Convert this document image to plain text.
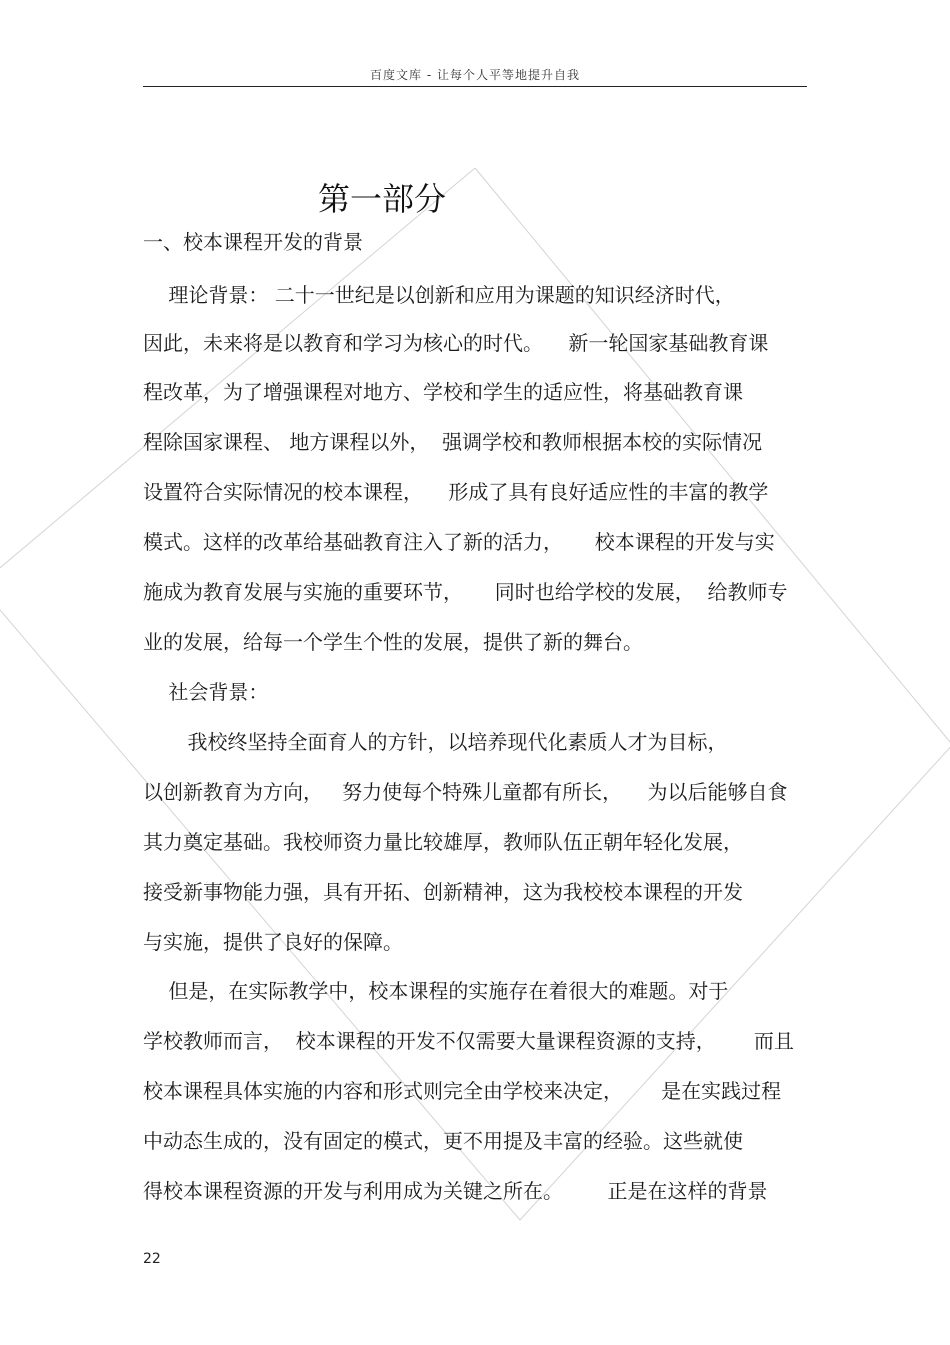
百度文库 - 让每个人平等地提升自我
第一部分
一、校本课程开发的背景
理论背景： 二十一世纪是以创新和应用为课题的知识经济时代，
因此，未来将是以教育和学习为核心的时代。    新一轮国家基础教育课
程改革，为了增强课程对地方、学校和学生的适应性，将基础教育课
程除国家课程、 地方课程以外，  强调学校和教师根据本校的实际情况
设置符合实际情况的校本课程，    形成了具有良好适应性的丰富的教学
模式。这样的改革给基础教育注入了新的活力，     校本课程的开发与实
施成为教育发展与实施的重要环节，     同时也给学校的发展，  给教师专
业的发展，给每一个学生个性的发展，提供了新的舞台。
社会背景：
我校终坚持全面育人的方针，以培养现代化素质人才为目标，
以创新教育为方向，   努力使每个特殊儿童都有所长，    为以后能够自食
其力奠定基础。我校师资力量比较雄厚，教师队伍正朝年轻化发展，
接受新事物能力强，具有开拓、创新精神，这为我校校本课程的开发
与实施，提供了良好的保障。
但是，在实际教学中，校本课程的实施存在着很大的难题。对于
学校教师而言，  校本课程的开发不仅需要大量课程资源的支持，      而且
校本课程具体实施的内容和形式则完全由学校来决定，      是在实践过程
中动态生成的，没有固定的模式，更不用提及丰富的经验。这些就使
得校本课程资源的开发与利用成为关键之所在。       正是在这样的背景
22
